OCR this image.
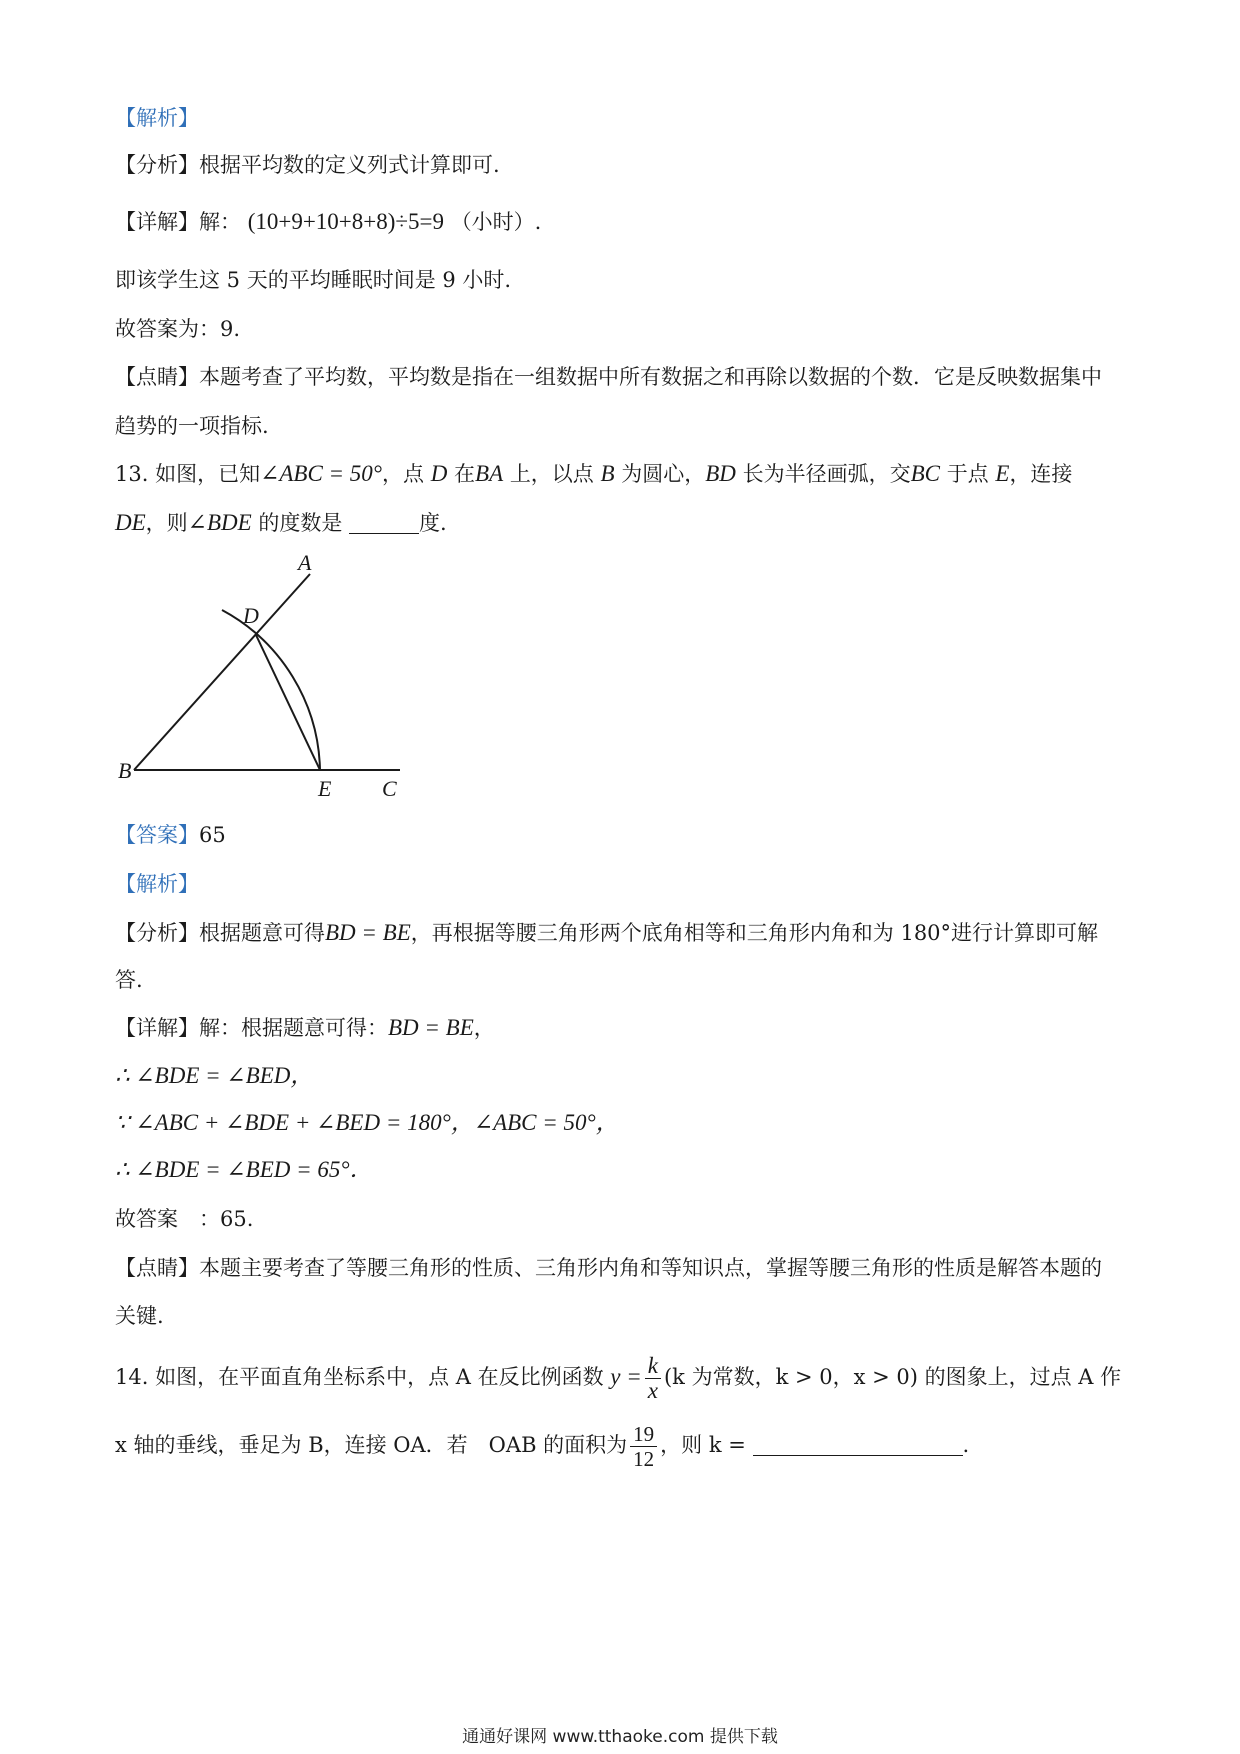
【解析】
【分析】根据平均数的定义列式计算即可.
【详解】解： (10+9+10+8+8)÷5=9 （小时）.
即该学生这 5 天的平均睡眠时间是 9 小时.
故答案为：9.
【点睛】本题考查了平均数，平均数是指在一组数据中所有数据之和再除以数据的个数．它是反映数据集中
趋势的一项指标.
13. 如图，已知∠ABC = 50°，点 D 在BA 上，以点 B 为圆心，BD 长为半径画弧，交BC 于点 E，连接
DE，则∠BDE 的度数是	度.
A
D
B
E C
【答案】65
【解析】
【分析】根据题意可得BD = BE，再根据等腰三角形两个底角相等和三角形内角和为 180°进行计算即可解
答.
【详解】解：根据题意可得：BD = BE，
∴ ∠BDE = ∠BED，
∵ ∠ABC + ∠BDE + ∠BED = 180°，∠ABC = 50°，
∴ ∠BDE = ∠BED = 65°．
故答案　：65.
【点睛】本题主要考查了等腰三角形的性质、三角形内角和等知识点，掌握等腰三角形的性质是解答本题的
关键.
14. 如图，在平面直角坐标系中，点 A 在反比例函数 $y = \frac{k}{x} (k$ 为常数，k > 0，x > 0) 的图象上，过点 A 作
x 轴的垂线，垂足为 B，连接 OA．若　OAB 的面积为 $\frac{19}{12}$ ，则 k =	.
通通好课网 www.tthaoke.com 提供下载
